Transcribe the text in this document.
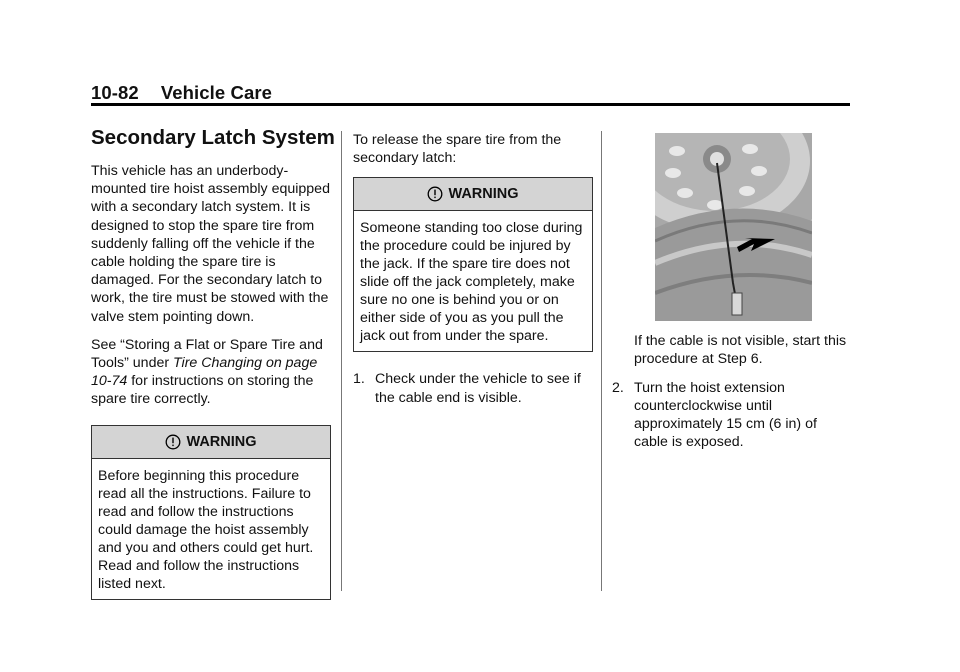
10-82 Vehicle Care
Secondary Latch System

This vehicle has an underbody-mounted tire hoist assembly equipped with a secondary latch system. It is designed to stop the spare tire from suddenly falling off the vehicle if the cable holding the spare tire is damaged. For the secondary latch to work, the tire must be stowed with the valve stem pointing down.

See “Storing a Flat or Spare Tire and Tools” under Tire Changing on page 10-74 for instructions on storing the spare tire correctly.

WARNING
Before beginning this procedure read all the instructions. Failure to read and follow the instructions could damage the hoist assembly and you and others could get hurt. Read and follow the instructions listed next.

To release the spare tire from the secondary latch:

WARNING
Someone standing too close during the procedure could be injured by the jack. If the spare tire does not slide off the jack completely, make sure no one is behind you or on either side of you as you pull the jack out from under the spare.
1. Check under the vehicle to see if the cable end is visible.

If the cable is not visible, start this procedure at Step 6.

2. Turn the hoist extension counterclockwise until approximately 15 cm (6 in) of cable is exposed.
